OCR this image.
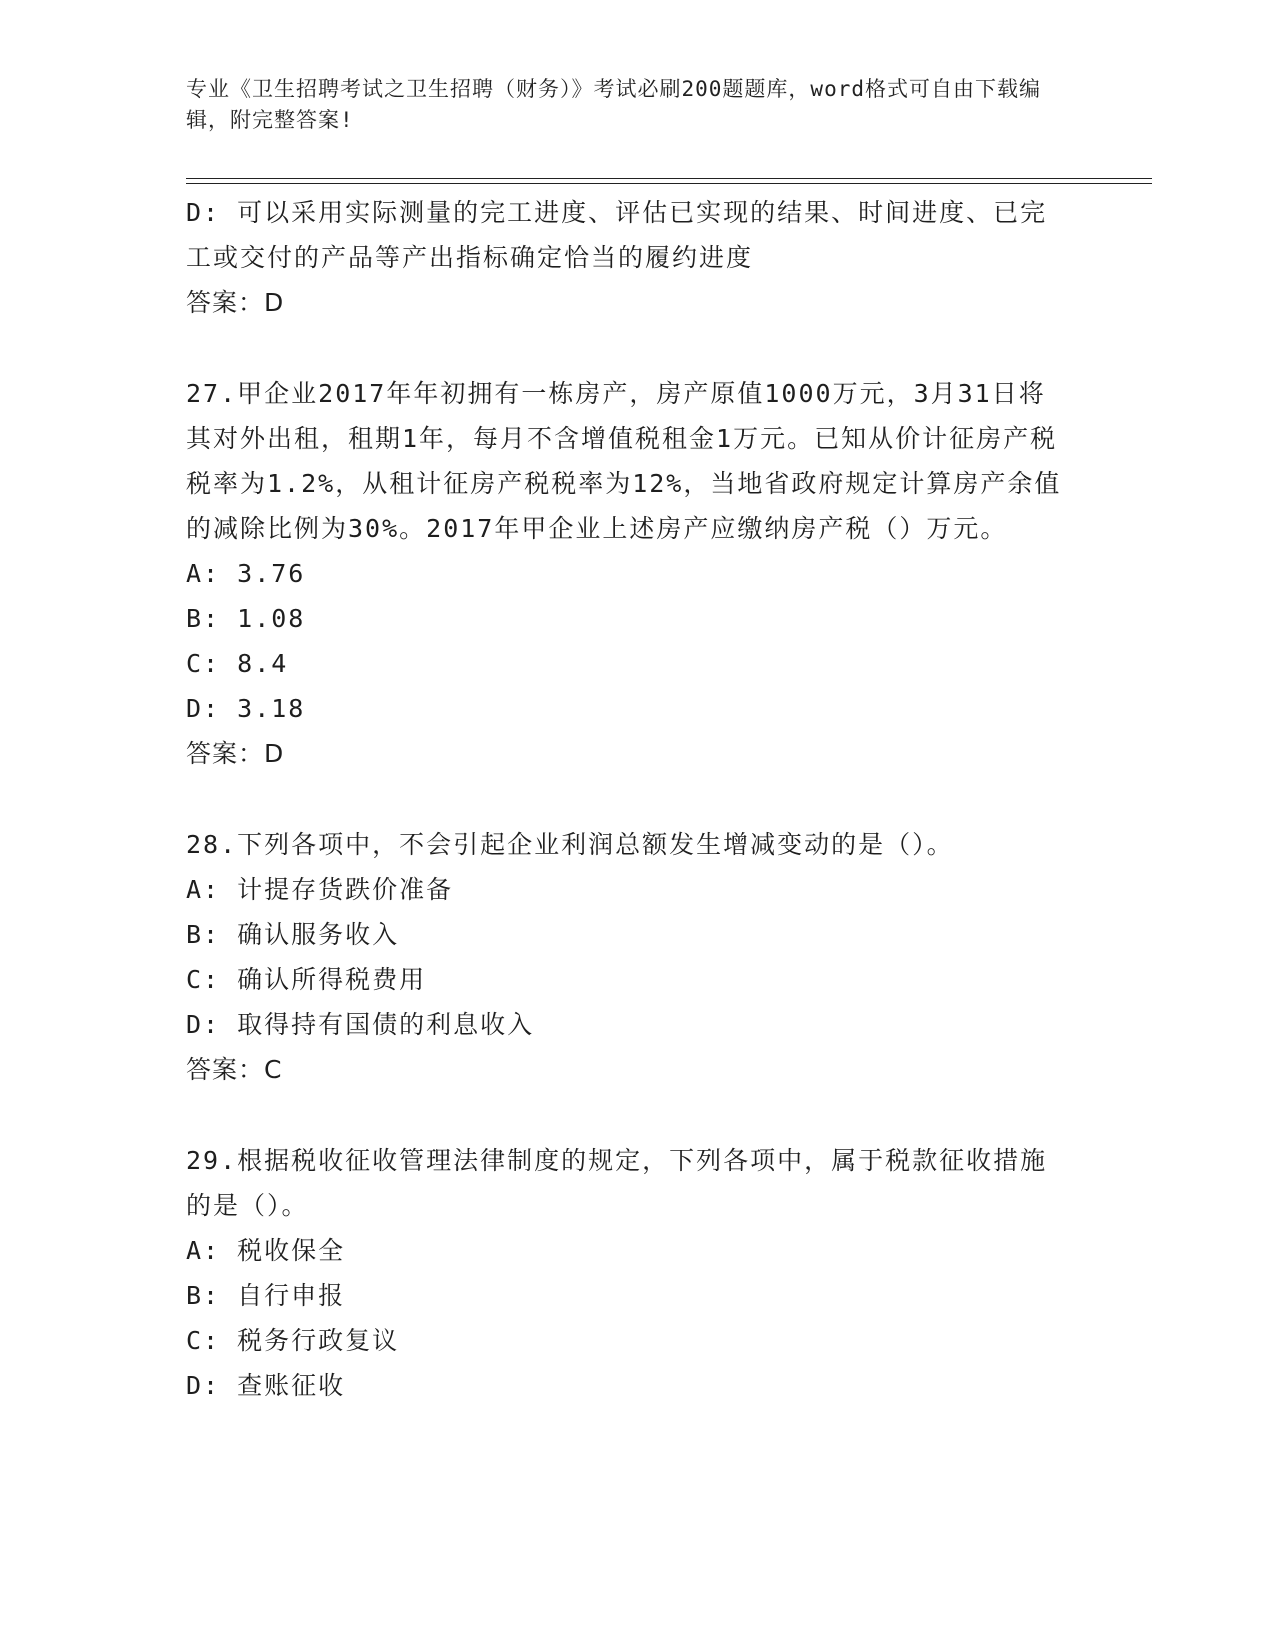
专业《卫生招聘考试之卫生招聘（财务）》考试必刷200题题库，word格式可自由下载编辑，附完整答案!
D: 可以采用实际测量的完工进度、评估已实现的结果、时间进度、已完工或交付的产品等产出指标确定恰当的履约进度
答案：D
27.甲企业2017年年初拥有一栋房产，房产原值1000万元，3月31日将其对外出租，租期1年，每月不含增值税租金1万元。已知从价计征房产税税率为1.2%，从租计征房产税税率为12%，当地省政府规定计算房产余值的减除比例为30%。2017年甲企业上述房产应缴纳房产税（）万元。
A: 3.76
B: 1.08
C: 8.4
D: 3.18
答案：D
28.下列各项中，不会引起企业利润总额发生增减变动的是（）。
A: 计提存货跌价准备
B: 确认服务收入
C: 确认所得税费用
D: 取得持有国债的利息收入
答案：C
29.根据税收征收管理法律制度的规定，下列各项中，属于税款征收措施的是（）。
A: 税收保全
B: 自行申报
C: 税务行政复议
D: 查账征收
